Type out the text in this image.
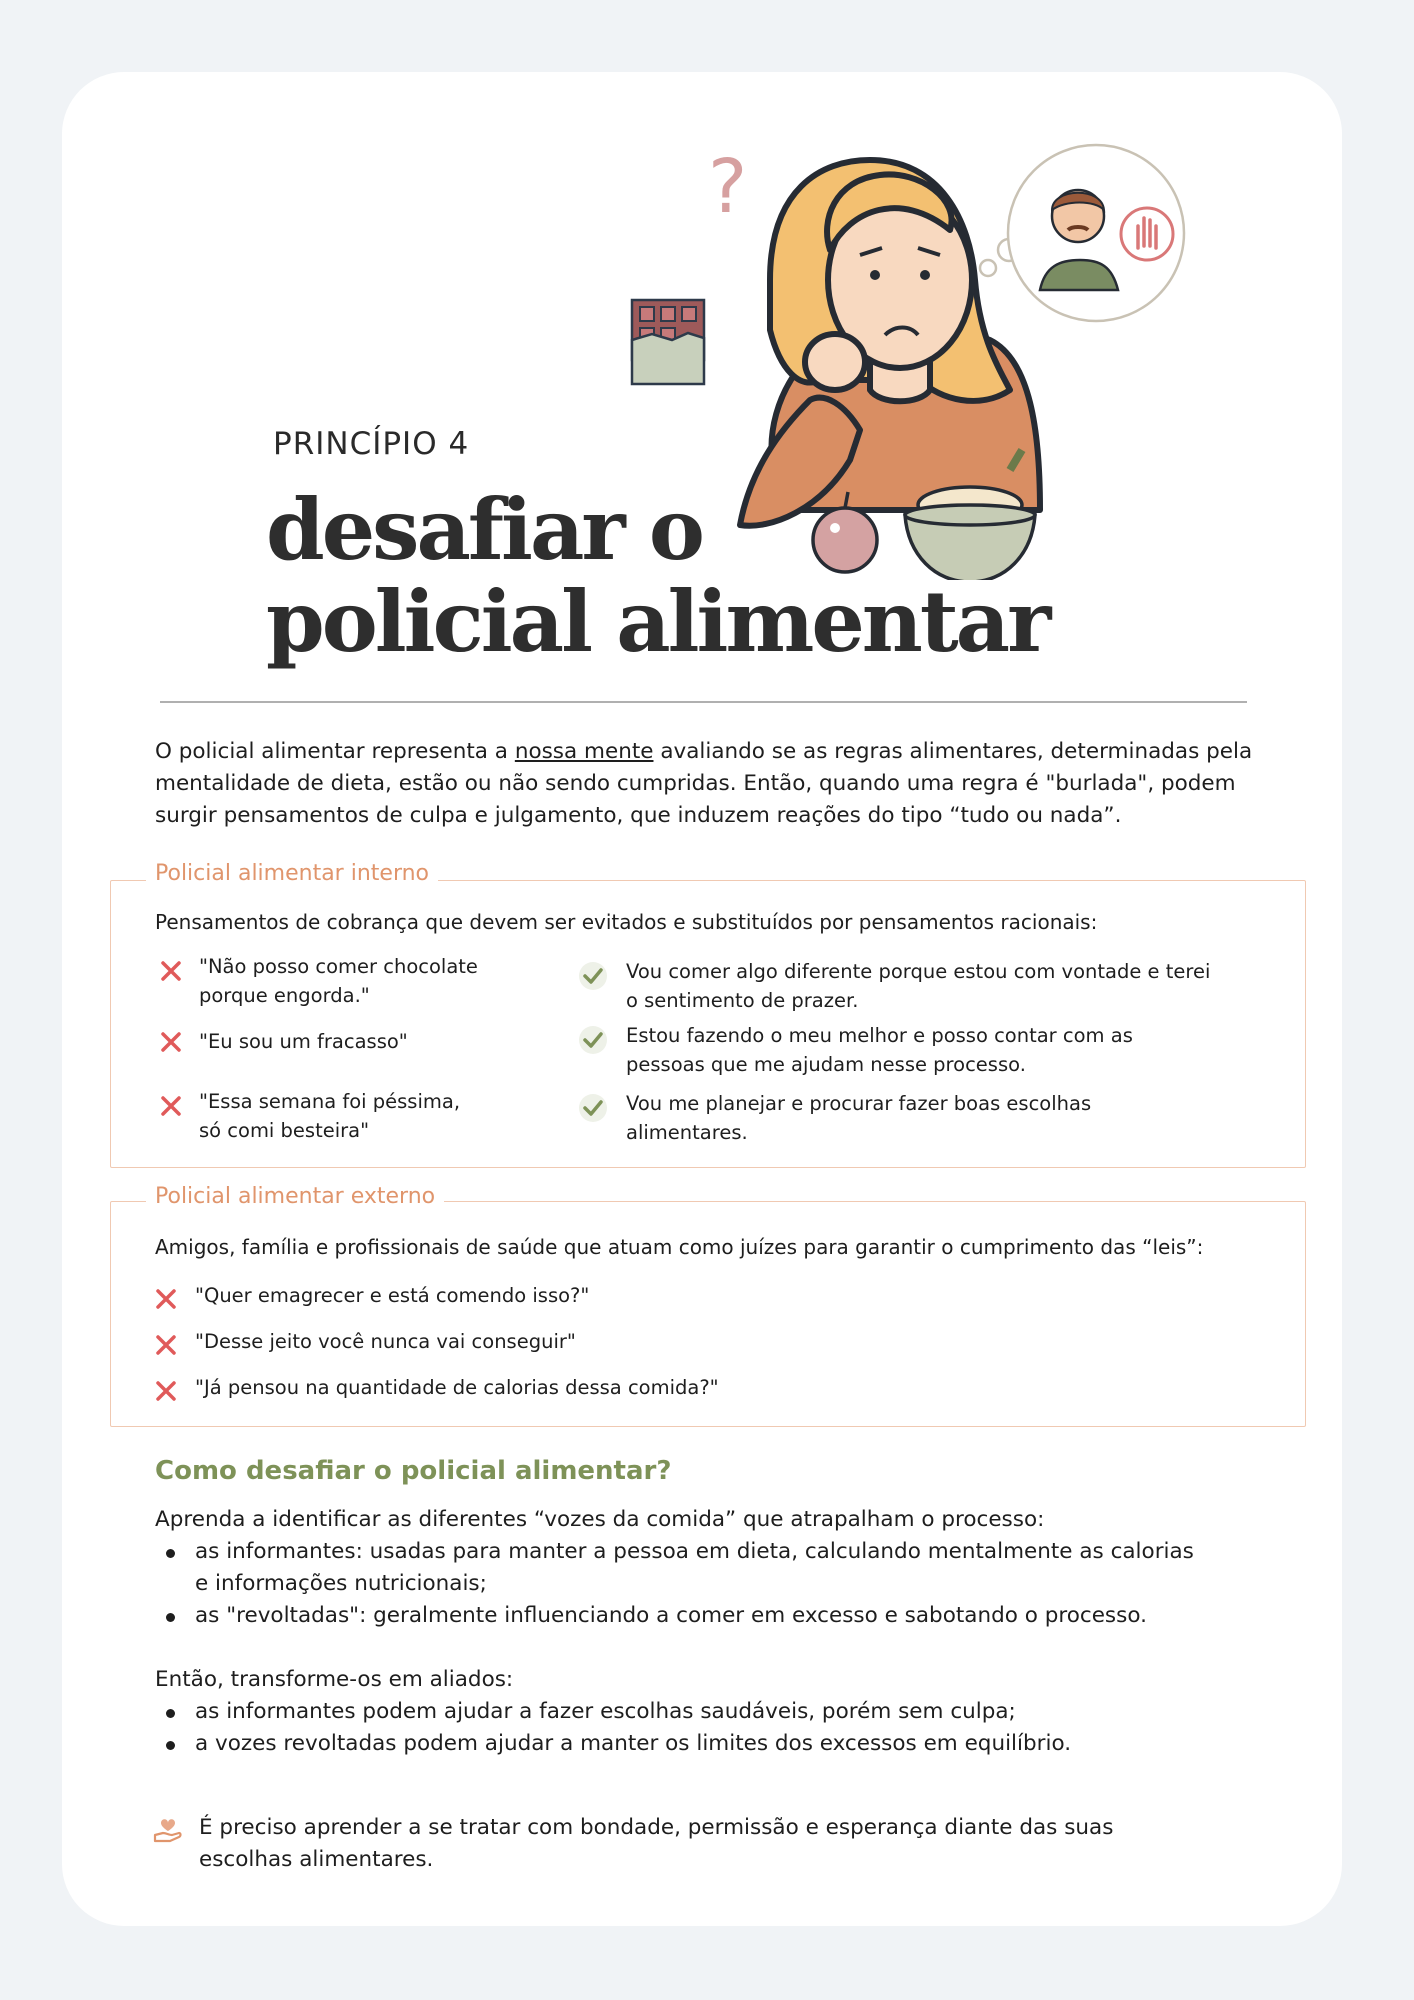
?
PRINCÍPIO 4
desafiar o
policial alimentar

O policial alimentar representa a nossa mente avaliando se as regras alimentares, determinadas pela mentalidade de dieta, estão ou não sendo cumpridas. Então, quando uma regra é "burlada", podem surgir pensamentos de culpa e julgamento, que induzem reações do tipo “tudo ou nada”.

Policial alimentar interno
Pensamentos de cobrança que devem ser evitados e substituídos por pensamentos racionais:
"Não posso comer chocolate
porque engorda."
"Eu sou um fracasso"
"Essa semana foi péssima,
só comi besteira"
Vou comer algo diferente porque estou com vontade e terei
o sentimento de prazer.
Estou fazendo o meu melhor e posso contar com as
pessoas que me ajudam nesse processo.
Vou me planejar e procurar fazer boas escolhas
alimentares.
Policial alimentar externo
Amigos, família e profissionais de saúde que atuam como juízes para garantir o cumprimento das “leis”:
"Quer emagrecer e está comendo isso?"
"Desse jeito você nunca vai conseguir"
"Já pensou na quantidade de calorias dessa comida?"
Como desafiar o policial alimentar?
Aprenda a identificar as diferentes “vozes da comida” que atrapalham o processo:
as informantes: usadas para manter a pessoa em dieta, calculando mentalmente as calorias
e informações nutricionais;
as "revoltadas": geralmente influenciando a comer em excesso e sabotando o processo.
Então, transforme-os em aliados:
as informantes podem ajudar a fazer escolhas saudáveis, porém sem culpa;
a vozes revoltadas podem ajudar a manter os limites dos excessos em equilíbrio.
É preciso aprender a se tratar com bondade, permissão e esperança diante das suas
escolhas alimentares.
